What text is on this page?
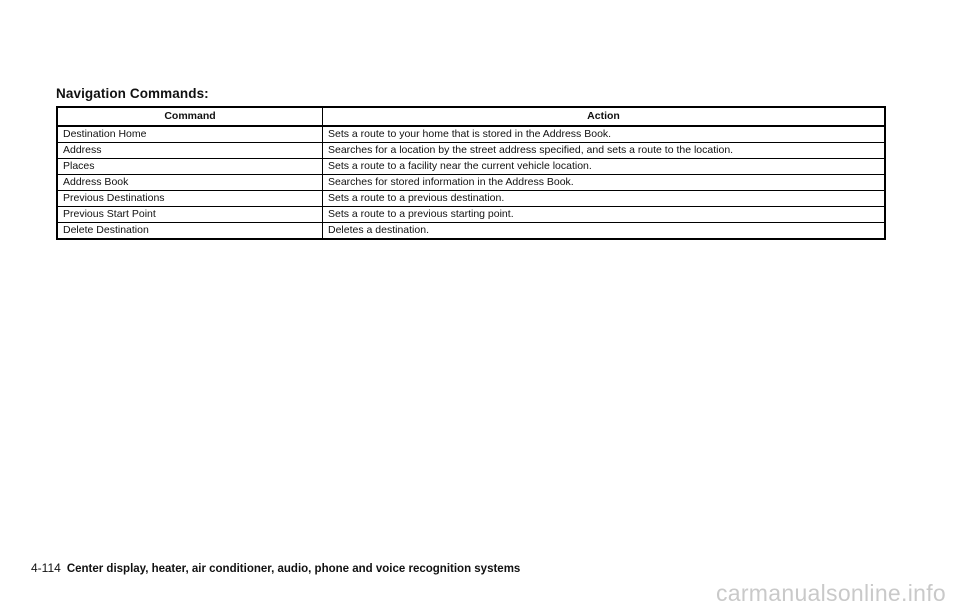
Navigation Commands:
Command	Action
Destination Home	Sets a route to your home that is stored in the Address Book.
Address	Searches for a location by the street address specified, and sets a route to the location.
Places	Sets a route to a facility near the current vehicle location.
Address Book	Searches for stored information in the Address Book.
Previous Destinations	Sets a route to a previous destination.
Previous Start Point	Sets a route to a previous starting point.
Delete Destination	Deletes a destination.
4-114 Center display, heater, air conditioner, audio, phone and voice recognition systems
carmanualsonline.info
